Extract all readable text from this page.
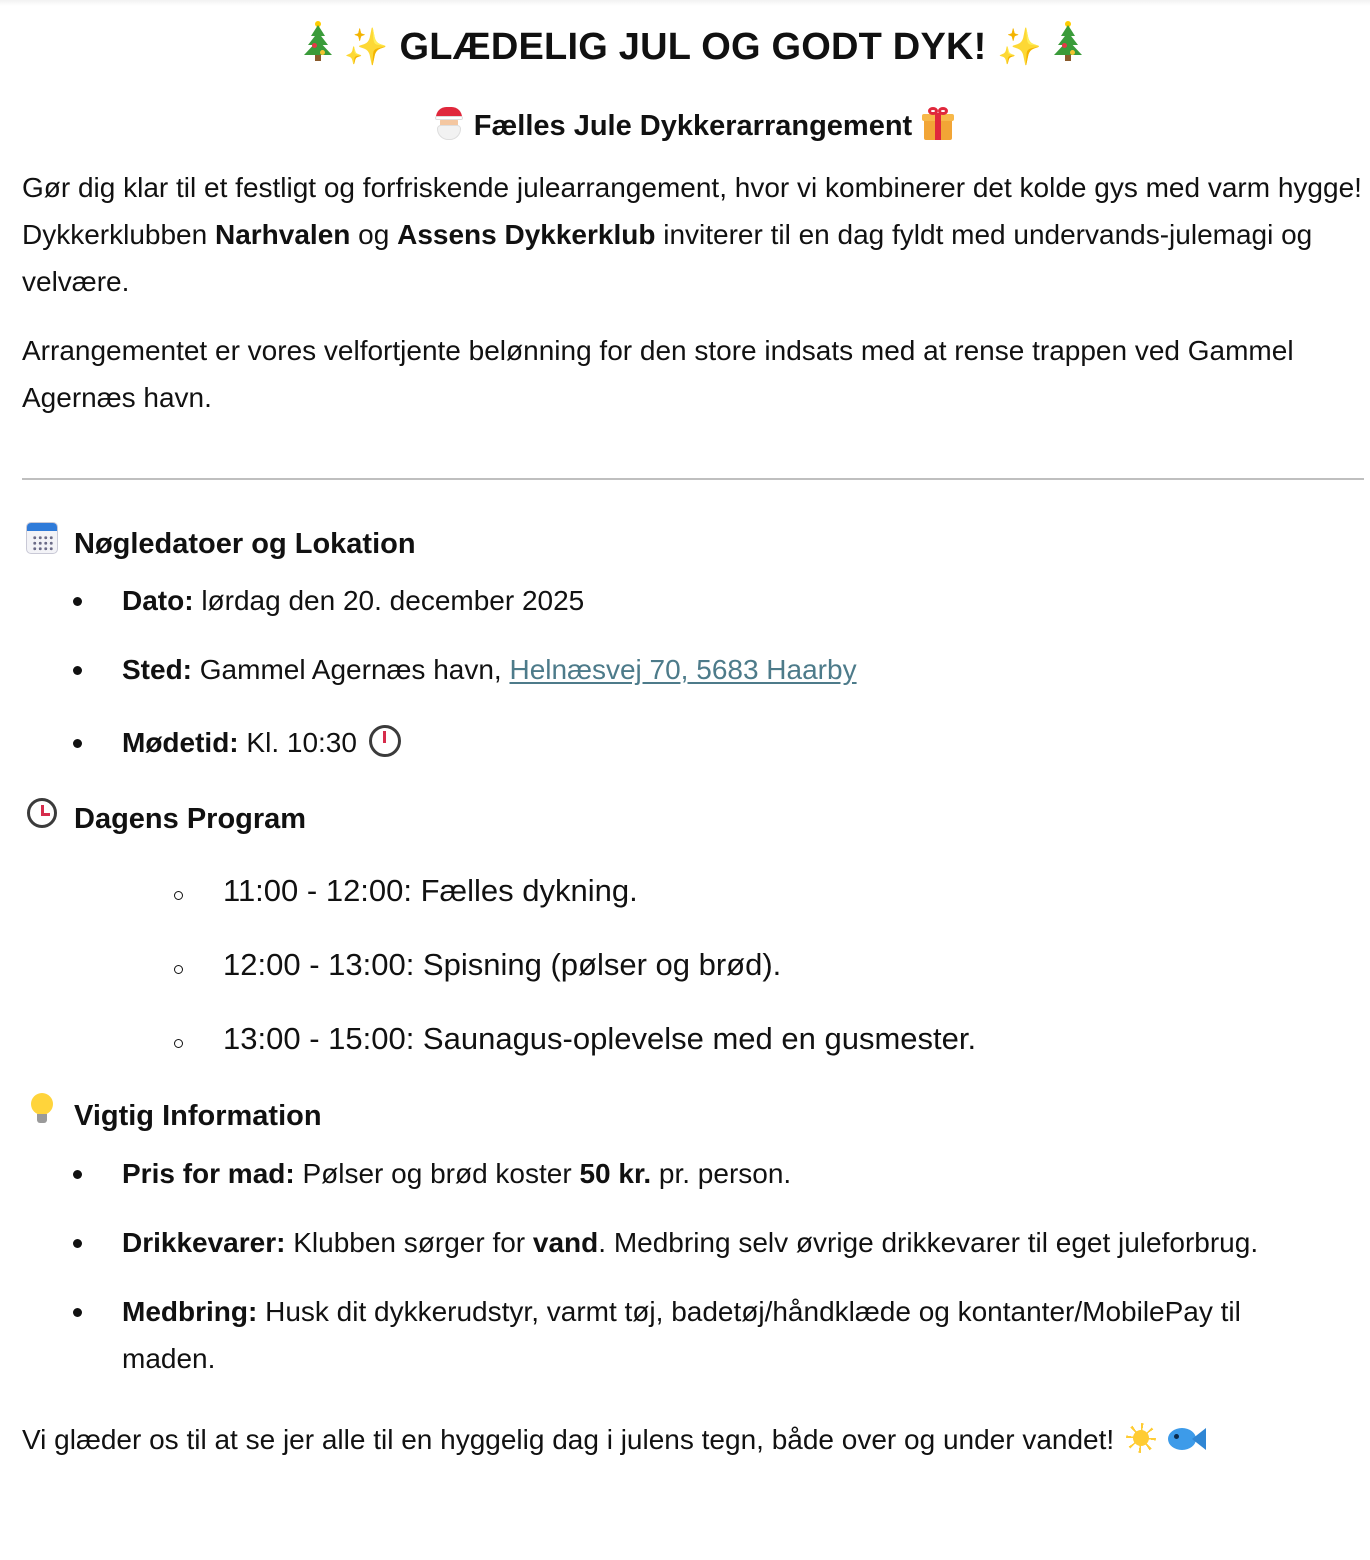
✨ GLÆDELIG JUL OG GODT DYK! ✨
Fælles Jule Dykkerarrangement

Gør dig klar til et festligt og forfriskende julearrangement, hvor vi kombinerer det kolde gys med varm hygge! Dykkerklubben Narhvalen og Assens Dykkerklub inviterer til en dag fyldt med undervands-julemagi og velvære.

Arrangementet er vores velfortjente belønning for den store indsats med at rense trappen ved Gammel Agernæs havn.

Nøgledatoer og Lokation
Dato: lørdag den 20. december 2025
Sted: Gammel Agernæs havn, Helnæsvej 70, 5683 Haarby
Mødetid: Kl. 10:30
Dagens Program
11:00 - 12:00: Fælles dykning.
12:00 - 13:00: Spisning (pølser og brød).
13:00 - 15:00: Saunagus-oplevelse med en gusmester.
Vigtig Information
Pris for mad: Pølser og brød koster 50 kr. pr. person.
Drikkevarer: Klubben sørger for vand. Medbring selv øvrige drikkevarer til eget juleforbrug.
Medbring: Husk dit dykkerudstyr, varmt tøj, badetøj/håndklæde og kontanter/MobilePay til maden.

Vi glæder os til at se jer alle til en hyggelig dag i julens tegn, både over og under vandet!
